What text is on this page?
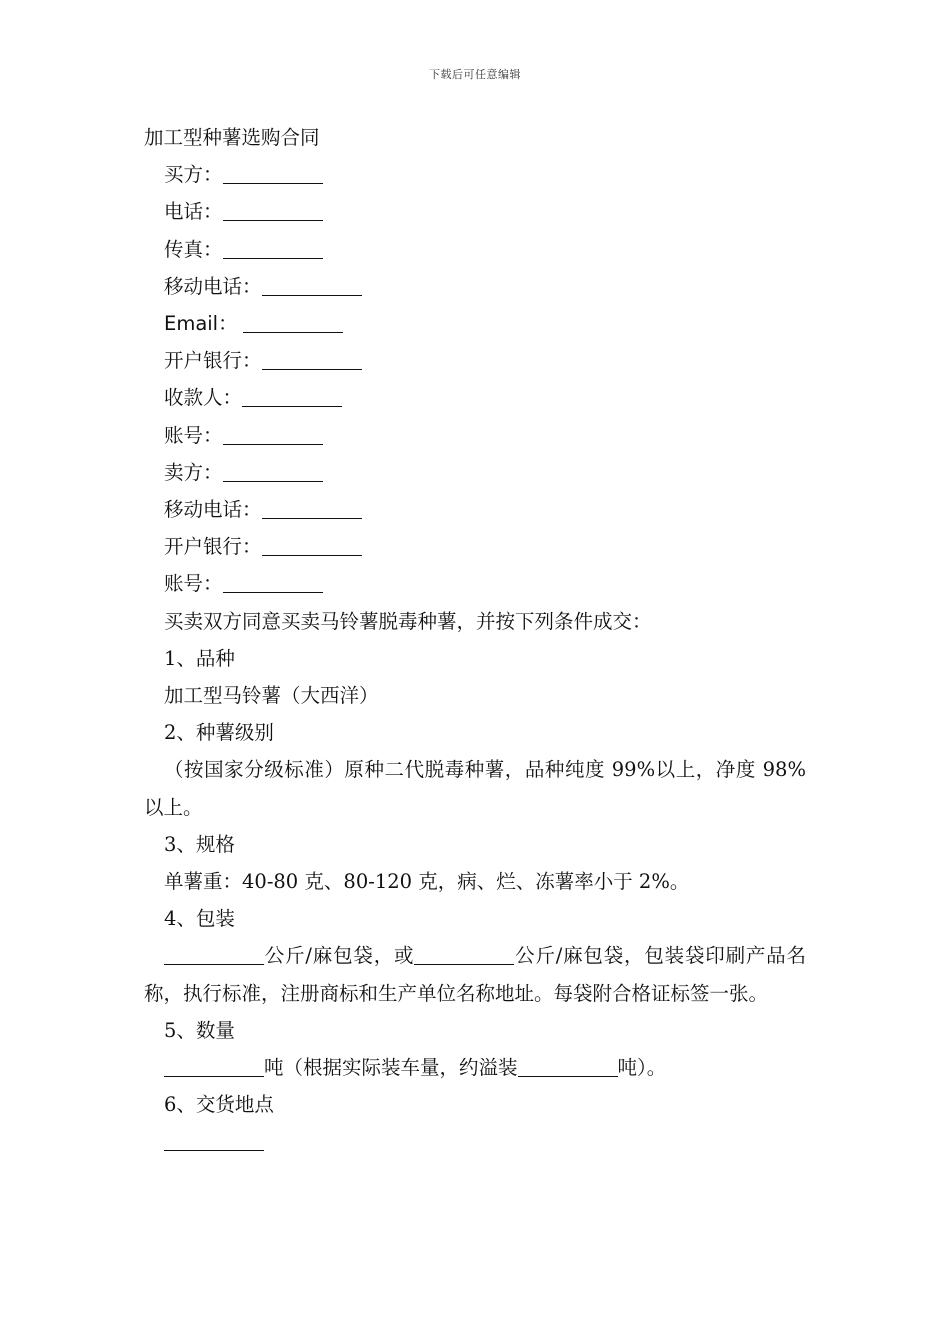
下载后可任意编辑
加工型种薯选购合同
买方：
电话：
传真：
移动电话：
Email：
开户银行：
收款人：
账号：
卖方：
移动电话：
开户银行：
账号：
买卖双方同意买卖马铃薯脱毒种薯，并按下列条件成交：
1、品种
加工型马铃薯（大西洋）
2、种薯级别
（按国家分级标准）原种二代脱毒种薯，品种纯度 99%以上，净度 98%以上。
3、规格
单薯重：40-80 克、80-120 克，病、烂、冻薯率小于 2%。
4、包装
公斤/麻包袋，或	公斤/麻包袋，包装袋印刷产品名称，执行标准，注册商标和生产单位名称地址。每袋附合格证标签一张。
5、数量
吨（根据实际装车量，约溢装	吨）。
6、交货地点
